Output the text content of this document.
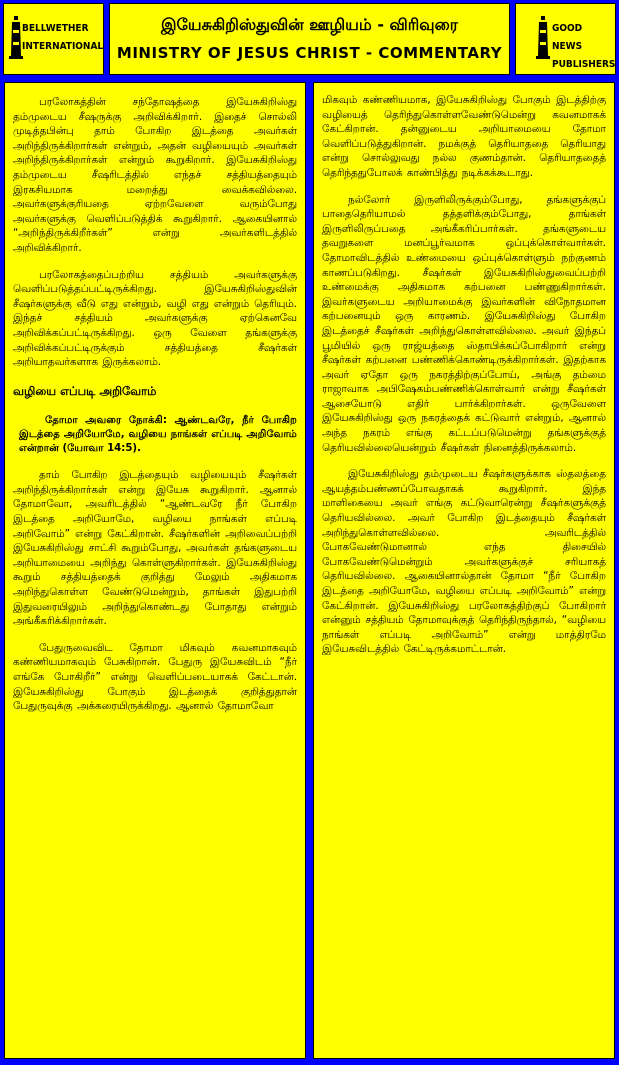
BELLWETHER INTERNATIONAL
இயேசுகிறிஸ்துவின் ஊழியம் - விரிவுரை
MINISTRY OF JESUS CHRIST - COMMENTARY
GOOD NEWS PUBLISHERS

பரலோகத்தின் சந்தோஷத்தை இயேசுகிறிஸ்து தம்முடைய சீஷருக்கு அறிவிக்கிறார். இதைச் சொல்லி முடித்தபின்பு தாம் போகிற இடத்தை அவர்கள் அறிந்திருக்கிறார்கள் என்றும், அதன் வழியையும் அவர்கள் அறிந்திருக்கிறார்கள் என்றும் கூறுகிறார். இயேசுகிறிஸ்து தம்முடைய சீஷரிடத்தில் எந்தச் சத்தியத்தையும் இரகசியமாக மறைத்து வைக்கவில்லை. அவர்களுக்குரியதை ஏற்றவேளை வரும்போது அவர்களுக்கு வெளிப்படுத்திக் கூறுகிறார். ஆகையினால் “அறிந்திருக்கிறீர்கள்” என்று அவர்களிடத்தில் அறிவிக்கிறார்.

பரலோகத்தைப்பற்றிய சத்தியம் அவர்களுக்கு வெளிப்படுத்தப்பட்டிருக்கிறது. இயேசுகிறிஸ்துவின் சீஷர்களுக்கு வீடு எது என்றும், வழி எது என்றும் தெரியும். இந்தச் சத்தியம் அவர்களுக்கு ஏற்கெனவே அறிவிக்கப்பட்டிருக்கிறது. ஒரு வேளை தங்களுக்கு அறிவிக்கப்பட்டிருக்கும் சத்தியத்தை சீஷர்கள் அறியாதவர்களாக இருக்கலாம்.

வழியை எப்படி அறிவோம்

தோமா அவரை நோக்கி: ஆண்டவரே, நீர் போகிற இடத்தை அறியோமே, வழியை நாங்கள் எப்படி அறிவோம் என்றான் (யோவா 14:5).

தாம் போகிற இடத்தையும் வழியையும் சீஷர்கள் அறிந்திருக்கிறார்கள் என்று இயேசு கூறுகிறார். ஆனால் தோமாவோ, அவரிடத்தில் “ஆண்டவரே நீர் போகிற இடத்தை அறியோமே, வழியை நாங்கள் எப்படி அறிவோம்” என்று கேட்கிறான். சீஷர்களின் அறிவைப்பற்றி இயேசுகிறிஸ்து சாட்சி கூறும்போது, அவர்கள் தங்களுடைய அறியாமையை அறிந்து கொள்ளுகிறார்கள். இயேசுகிறிஸ்து கூறும் சத்தியத்தைக் குறித்து மேலும் அதிகமாக அறிந்துகொள்ள வேண்டுமென்றும், தாங்கள் இதுபற்றி இதுவரையிலும் அறிந்துகொண்டது போதாது என்றும் அங்கீகரிக்கிறார்கள்.

பேதுருவைவிட தோமா மிகவும் கவனமாகவும் கண்ணியமாகவும் பேசுகிறான். பேதுரு இயேசுவிடம் “நீர் எங்கே போகிறீர்” என்று வெளிப்படையாகக் கேட்டான். இயேசுகிறிஸ்து போகும் இடத்தைக் குறித்துதான் பேதுருவுக்கு அக்கரையிருக்கிறது. ஆனால் தோமாவோ

மிகவும் கண்ணியமாக, இயேசுகிறிஸ்து போகும் இடத்திற்கு வழியைத் தெரிந்துகொள்ளவேண்டுமென்று கவனமாகக் கேட்கிறான். தன்னுடைய அறியாமையை தோமா வெளிப்படுத்துகிறான். நமக்குத் தெரியாததை தெரியாது என்று சொல்லுவது நல்ல குணம்தான். தெரியாததைத் தெரிந்ததுபோலக் காண்பித்து நடிக்கக்கூடாது.

நல்லோர் இருளிலிருக்கும்போது, தங்களுக்குப் பாதைதெரியாமல் தத்தளிக்கும்போது, தாங்கள் இருளிலிருப்பதை அங்கீகரிப்பார்கள். தங்களுடைய தவறுகளை மனப்பூர்வமாக ஒப்புக்கொள்வார்கள். தோமாவிடத்தில் உண்மையை ஒப்புக்கொள்ளும் நற்குணம் காணப்படுகிறது. சீஷர்கள் இயேசுகிறிஸ்துவைப்பற்றி உண்மைக்கு அதிகமாக கற்பனை பண்ணுகிறார்கள். இவர்களுடைய அறியாமைக்கு இவர்களின் விநோதமான கற்பனையும் ஒரு காரணம். இயேசுகிறிஸ்து போகிற இடத்தைச் சீஷர்கள் அறிந்துகொள்ளவில்லை. அவர் இந்தப் பூமியில் ஒரு ராஜ்யத்தை ஸ்தாபிக்கப்போகிறார் என்று சீஷர்கள் கற்பனை பண்ணிக்கொண்டிருக்கிறார்கள். இதற்காக அவர் ஏதோ ஒரு நகரத்திற்குப்போய், அங்கு தம்மை ராஜாவாக அபிஷேகம்பண்ணிக்கொள்வார் என்று சீஷர்கள் ஆசையோடு எதிர் பார்க்கிறார்கள். ஒருவேளை இயேசுகிறிஸ்து ஒரு நகரத்தைக் கட்டுவார் என்றும், ஆனால் அந்த நகரம் எங்கு கட்டப்படுமென்று தங்களுக்குத் தெரியவில்லையென்றும் சீஷர்கள் நினைத்திருக்கலாம்.

இயேசுகிறிஸ்து தம்முடைய சீஷர்களுக்காக ஸ்தலத்தை ஆயத்தம்பண்ணப்போவதாகக் கூறுகிறார். இந்த மாளிகையை அவர் எங்கு கட்டுவாரென்று சீஷர்களுக்குத் தெரியவில்லை. அவர் போகிற இடத்தையும் சீஷர்கள் அறிந்துகொள்ளவில்லை. அவரிடத்தில் போகவேண்டுமானால் எந்த திசையில் போகவேண்டுமென்றும் அவர்களுக்குச் சரியாகத் தெரியவில்லை. ஆகையினால்தான் தோமா “நீர் போகிற இடத்தை அறியோமே, வழியை எப்படி அறிவோம்” என்று கேட்கிறான். இயேசுகிறிஸ்து பரலோகத்திற்குப் போகிறார் என்னும் சத்தியம் தோமாவுக்குத் தெரிந்திருந்தால், “வழியை நாங்கள் எப்படி அறிவோம்” என்று மாத்திரமே இயேசுவிடத்தில் கேட்டிருக்கமாட்டான்.
